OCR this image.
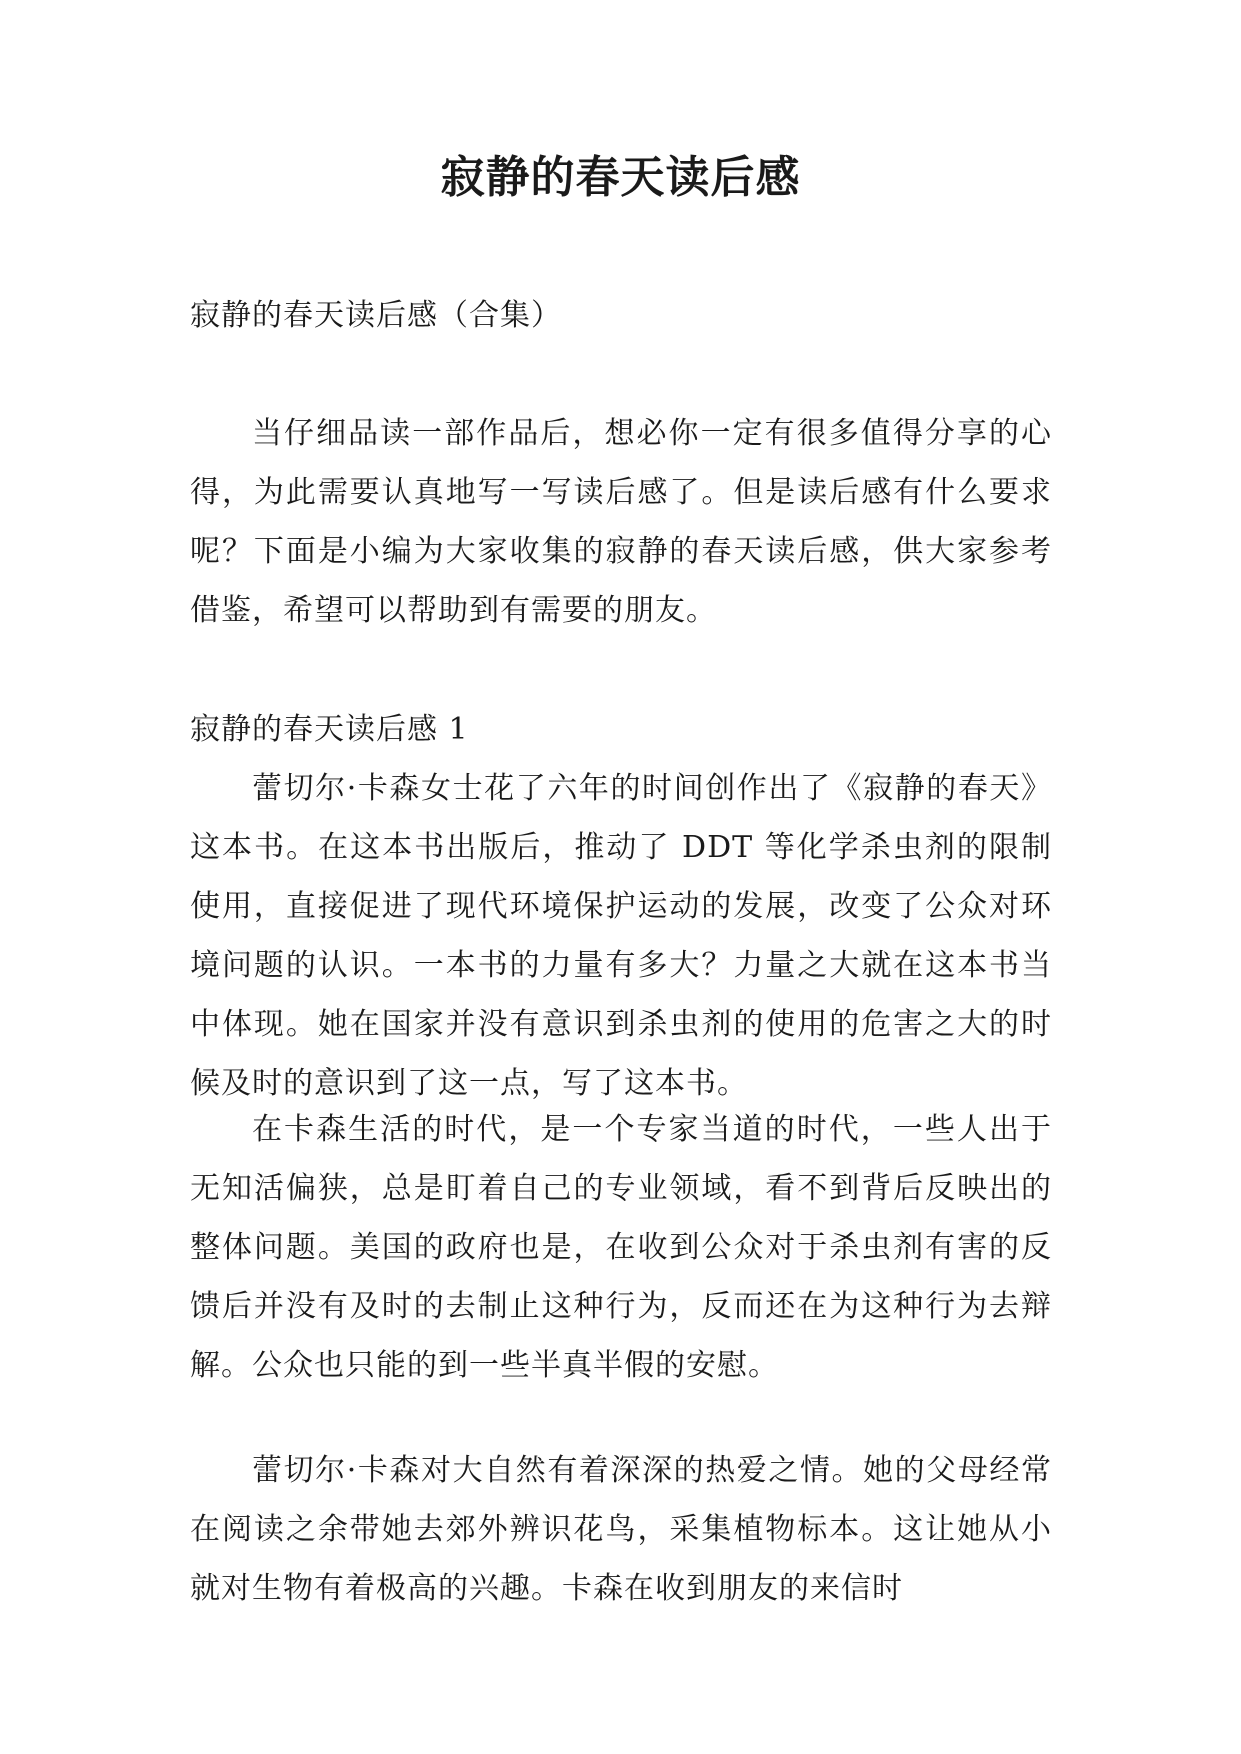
寂静的春天读后感

寂静的春天读后感（合集）

当仔细品读一部作品后，想必你一定有很多值得分享的心得，为此需要认真地写一写读后感了。但是读后感有什么要求呢？下面是小编为大家收集的寂静的春天读后感，供大家参考借鉴，希望可以帮助到有需要的朋友。

寂静的春天读后感 1

蕾切尔·卡森女士花了六年的时间创作出了《寂静的春天》这本书。在这本书出版后，推动了 DDT 等化学杀虫剂的限制使用，直接促进了现代环境保护运动的发展，改变了公众对环境问题的认识。一本书的力量有多大？力量之大就在这本书当中体现。她在国家并没有意识到杀虫剂的使用的危害之大的时候及时的意识到了这一点，写了这本书。

在卡森生活的时代，是一个专家当道的时代，一些人出于无知活偏狭，总是盯着自己的专业领域，看不到背后反映出的整体问题。美国的政府也是，在收到公众对于杀虫剂有害的反馈后并没有及时的去制止这种行为，反而还在为这种行为去辩解。公众也只能的到一些半真半假的安慰。

蕾切尔·卡森对大自然有着深深的热爱之情。她的父母经常在阅读之余带她去郊外辨识花鸟，采集植物标本。这让她从小就对生物有着极高的兴趣。卡森在收到朋友的来信时
